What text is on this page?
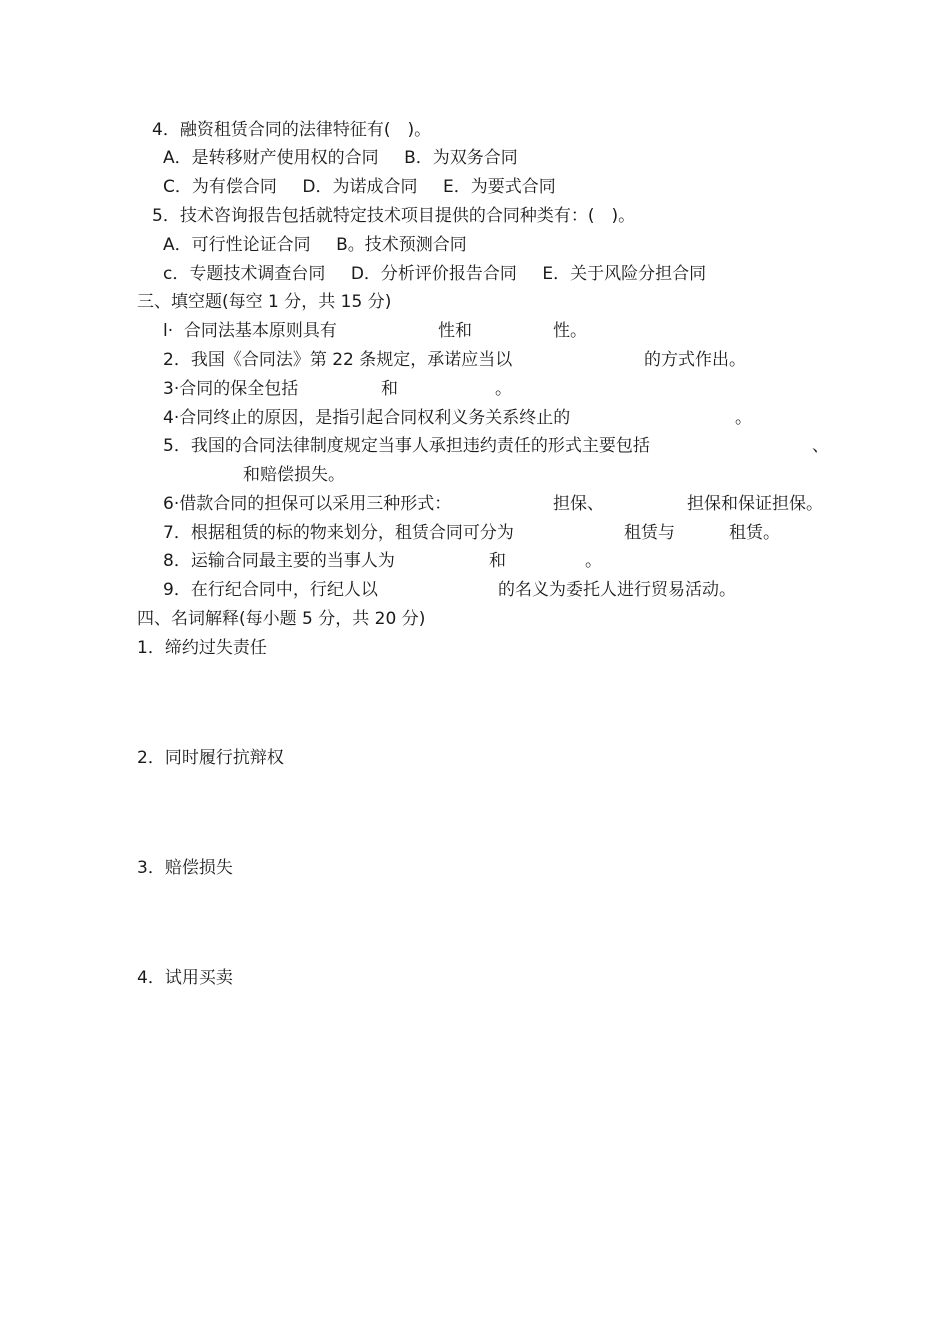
4．融资租赁合同的法律特征有(  )。
A．是转移财产使用权的合同   B．为双务合同
C．为有偿合同   D．为诺成合同   E．为要式合同
5．技术咨询报告包括就特定技术项目提供的合同种类有：(  )。
A．可行性论证合同   B。技术预测合同
c．专题技术调查台同   D．分析评价报告合同   E．关于风险分担合同
三、填空题(每空 1 分，共 15 分)
l·  合同法基本原则具有	性和	性。
2．我国《合同法》第 22 条规定，承诺应当以	的方式作出。
3·合同的保全包括	和	。
4·合同终止的原因，是指引起合同权利义务关系终止的	。
5．我国的合同法律制度规定当事人承担违约责任的形式主要包括	、
和赔偿损失。
6·借款合同的担保可以采用三种形式：	担保、	担保和保证担保。
7．根据租赁的标的物来划分，租赁合同可分为	租赁与	租赁。
8．运输合同最主要的当事人为	和	。
9．在行纪合同中，行纪人以	的名义为委托人进行贸易活动。
四、名词解释(每小题 5 分，共 20 分)
1．缔约过失责任
2．同时履行抗辩权
3．赔偿损失
4．试用买卖
